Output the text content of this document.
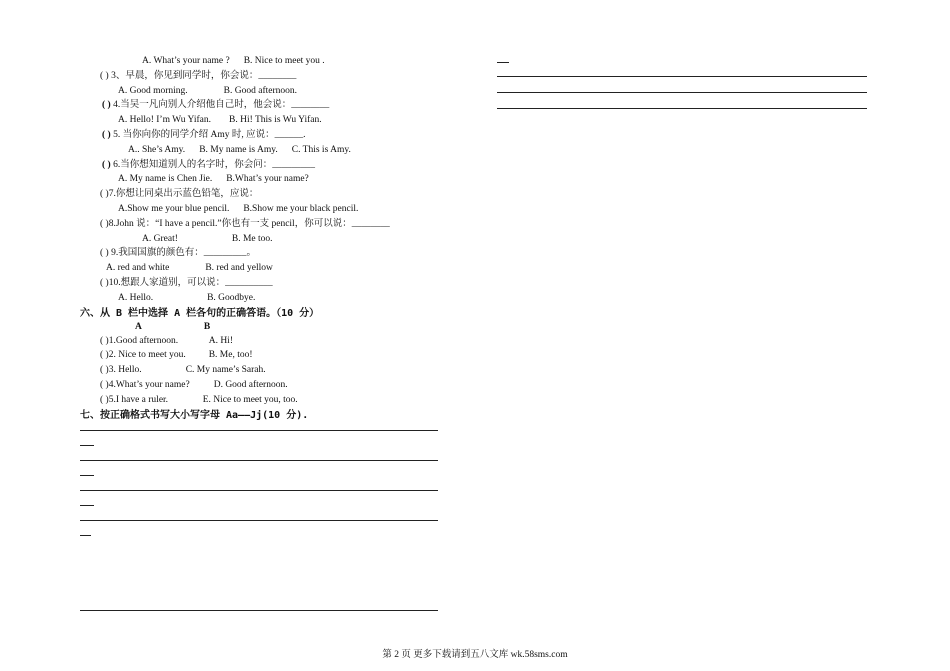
A. What’s your name ? B. Nice to meet you .
( ) 3、早晨，你见到同学时，你会说：________
A. Good morning.	B. Good afternoon.
( ) 4.当吴一凡向别人介绍他自己时，他会说：________
A. Hello! I’m Wu Yifan. B. Hi! This is Wu Yifan.
( ) 5. 当你向你的同学介绍 Amy 时, 应说：______.
A.. She’s Amy. B. My name is Amy. C. This is Amy.
( ) 6.当你想知道别人的名字时，你会问：_________
A. My name is Chen Jie. B.What’s your name?
( )7.你想让同桌出示蓝色铅笔，应说：
A.Show me your blue pencil. B.Show me your black pencil.
( )8.John 说：“I have a pencil.”你也有一支 pencil，你可以说：________
A. Great!	B. Me too.
( ) 9.我国国旗的颜色有：_________。
A. red and white	B. red and yellow
( )10.想跟人家道别，可以说：__________
A. Hello.	B. Goodbye.
六、从 B 栏中选择 A 栏各句的正确答语。（10 分）
A	B
( )1.Good afternoon.	A. Hi!
( )2. Nice to meet you. B. Me, too!
( )3. Hello.	C. My name’s Sarah.
( )4.What’s your name?	D. Good afternoon.
( )5.I have a ruler.	E. Nice to meet you, too.
七、按正确格式书写大小写字母 Aa——Jj(10 分).
第 2 页 更多下载请到五八文库 wk.58sms.com
